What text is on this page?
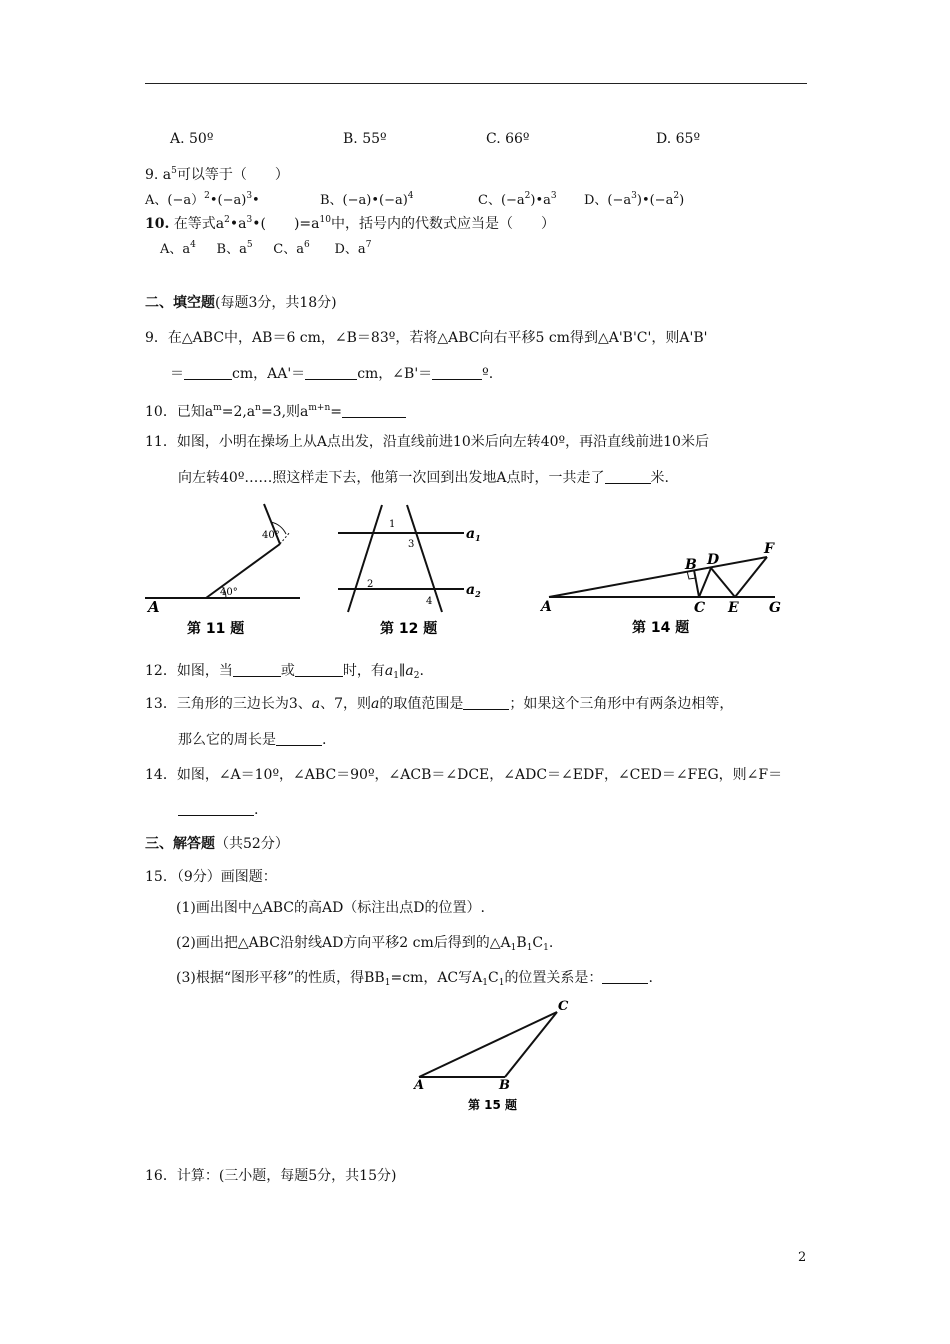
A. 50º	B. 55º	C. 66º	D. 65º
9. $a^5$可以等于（　　）
A、$(-a)^2•(-a)^3•$	B、$(-a)•(-a)^4$	C、$(-a^2)•a^3$ D、$(-a^3)•(-a^2)$
10. 在等式$a^2•a^3•$(　　)$=a^{10}$中，括号内的代数式应当是（　　）
A、$a^4$ B、$a^5$ C、$a^6$ D、$a^7$
二、填空题(每题3分，共18分)
9．在△ABC中，AB＝6 cm，∠B＝83º，若将△ABC向右平移5 cm得到△A'B'C'，则A'B'
＝	cm，AA'＝	cm，∠B'＝	º.
10．已知$a^m=2,a^n=3$,则$a^{m+n}=$
11．如图，小明在操场上从A点出发，沿直线前进10米后向左转40º，再沿直线前进10米后
向左转40º……照这样走下去，他第一次回到出发地A点时，一共走了	米.
40°
40°
A
第 11 题
1
3
2
4
$a_1$
$a_2$
第 12 题
A
B
C
D
E
F
G
第 14 题
12．如图，当	或	时，有$a_1\parallel a_2$.
13．三角形的三边长为3、a、7，则a的取值范围是	；如果这个三角形中有两条边相等，
那么它的周长是	.
14．如图，∠A＝10º，∠ABC＝90º，∠ACB＝∠DCE，∠ADC＝∠EDF，∠CED＝∠FEG，则∠F＝
.
三、解答题（共52分）
15．（9分）画图题：
(1)画出图中△ABC的高AD（标注出点D的位置）.
(2)画出把△ABC沿射线AD方向平移2 cm后得到的$\triangle A_1B_1C_1$.
(3)根据“图形平移”的性质，得$BB_1=cm$，AC写$A_1C_1$的位置关系是：	.
A	B
C
第 15 题
16．计算：(三小题，每题5分，共15分)
2
